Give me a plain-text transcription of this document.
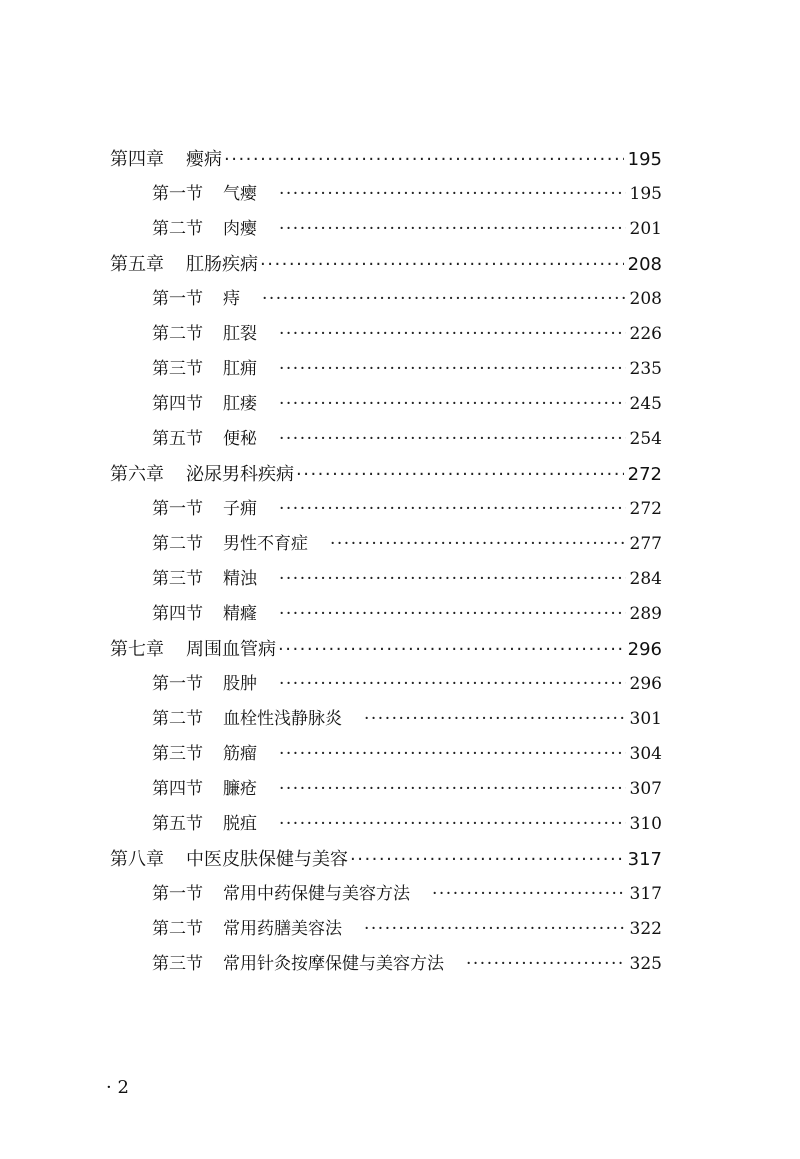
第四章 瘿病 ·····	195
第一节 气瘿 ·····	195
第二节 肉瘿 ·····	201
第五章 肛肠疾病 ·····	208
第一节 痔 ·····	208
第二节 肛裂 ·····	226
第三节 肛痈 ·····	235
第四节 肛瘘 ·····	245
第五节 便秘 ·····	254
第六章 泌尿男科疾病 ·····	272
第一节 子痈 ·····	272
第二节 男性不育症 ·····	277
第三节 精浊 ·····	284
第四节 精癃 ·····	289
第七章 周围血管病 ·····	296
第一节 股肿 ·····	296
第二节 血栓性浅静脉炎 ·····	301
第三节 筋瘤 ·····	304
第四节 臁疮 ·····	307
第五节 脱疽 ·····	310
第八章 中医皮肤保健与美容 ·····	317
第一节 常用中药保健与美容方法 ·····	317
第二节 常用药膳美容法 ·····	322
第三节 常用针灸按摩保健与美容方法 ·····	325
· 2
